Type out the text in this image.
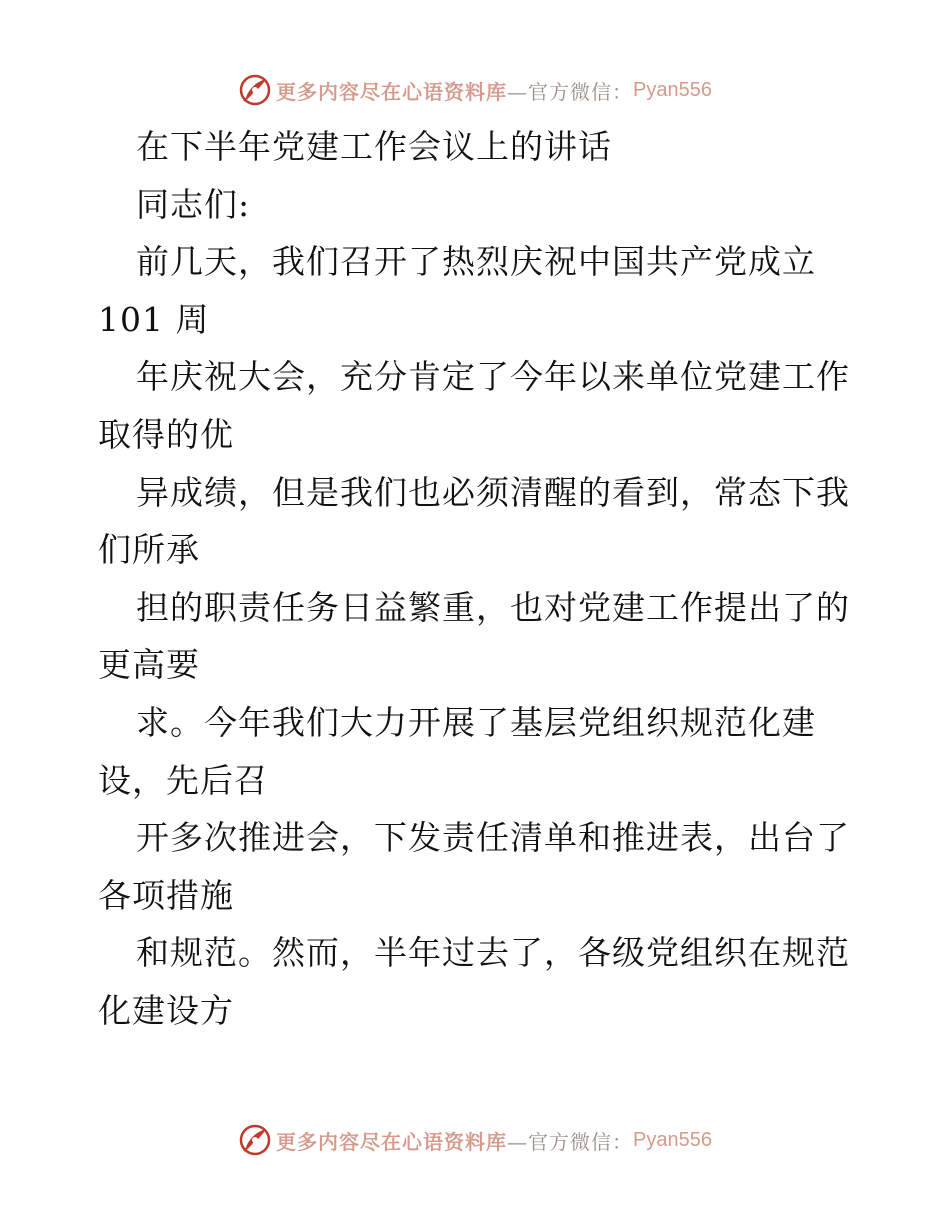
更多内容尽在心语资料库 —官方微信： Pyan556
在下半年党建工作会议上的讲话
同志们:
前几天，我们召开了热烈庆祝中国共产党成立
101 周
年庆祝大会，充分肯定了今年以来单位党建工作
取得的优
异成绩，但是我们也必须清醒的看到，常态下我
们所承
担的职责任务日益繁重，也对党建工作提出了的
更高要
求。今年我们大力开展了基层党组织规范化建
设，先后召
开多次推进会，下发责任清单和推进表，出台了
各项措施
和规范。然而，半年过去了，各级党组织在规范
化建设方
更多内容尽在心语资料库 —官方微信： Pyan556
